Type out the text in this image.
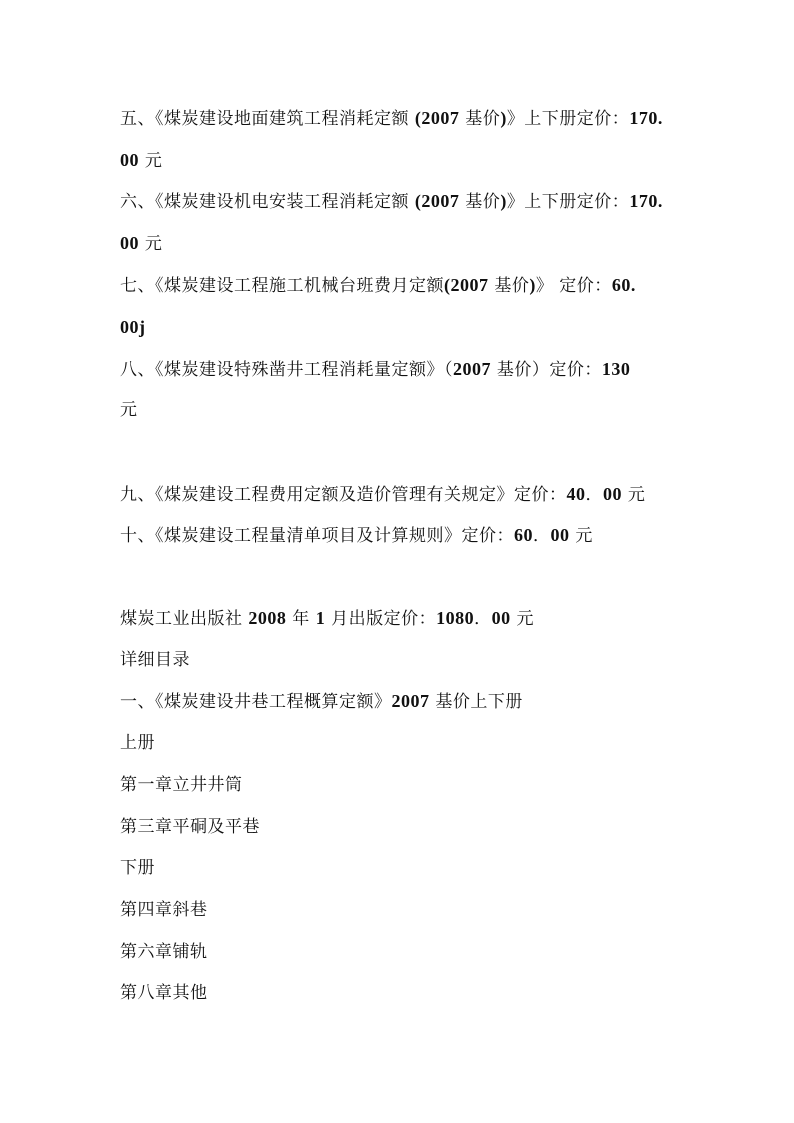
五、《煤炭建设地面建筑工程消耗定额 (2007 基价)》上下册定价：170.
00 元
六、《煤炭建设机电安装工程消耗定额 (2007 基价)》上下册定价：170.
00 元
七、《煤炭建设工程施工机械台班费月定额(2007 基价)》 定价：60.
00j
八、《煤炭建设特殊凿井工程消耗量定额》（2007 基价）定价：130
元
九、《煤炭建设工程费用定额及造价管理有关规定》定价：40．00 元
十、《煤炭建设工程量清单项目及计算规则》定价：60．00 元
煤炭工业出版社 2008 年 1 月出版定价：1080．00 元
详细目录
一、《煤炭建设井巷工程概算定额》2007 基价上下册
上册
第一章立井井筒
第三章平硐及平巷
下册
第四章斜巷
第六章铺轨
第八章其他
